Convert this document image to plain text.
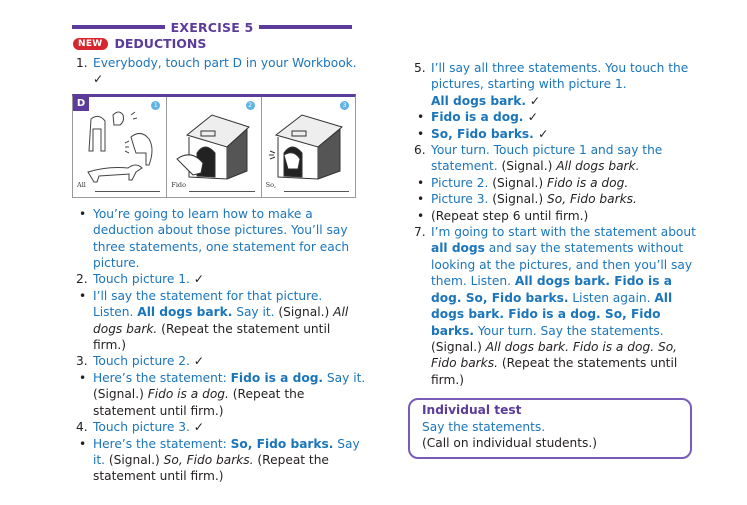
EXERCISE 5
NEW DEDUCTIONS
1. Everybody, touch part D in your Workbook. ✓
D	1
All
2
Fido
3
So,
• You’re going to learn how to make a deduction about those pictures. You’ll say three statements, one statement for each picture.
2. Touch picture 1. ✓
• I’ll say the statement for that picture. Listen. All dogs bark. Say it. (Signal.) All dogs bark. (Repeat the statement until firm.)
3. Touch picture 2. ✓
• Here’s the statement: Fido is a dog. Say it. (Signal.) Fido is a dog. (Repeat the statement until firm.)
4. Touch picture 3. ✓
• Here’s the statement: So, Fido barks. Say it. (Signal.) So, Fido barks. (Repeat the statement until firm.)
5. I’ll say all three statements. You touch the pictures, starting with picture 1.
All dogs bark. ✓
• Fido is a dog. ✓
• So, Fido barks. ✓
6. Your turn. Touch picture 1 and say the statement. (Signal.) All dogs bark.
• Picture 2. (Signal.) Fido is a dog.
• Picture 3. (Signal.) So, Fido barks.
• (Repeat step 6 until firm.)
7. I’m going to start with the statement about all dogs and say the statements without looking at the pictures, and then you’ll say them. Listen. All dogs bark. Fido is a dog. So, Fido barks. Listen again. All dogs bark. Fido is a dog. So, Fido barks. Your turn. Say the statements. (Signal.) All dogs bark. Fido is a dog. So, Fido barks. (Repeat the statements until firm.)
Individual test
Say the statements.
(Call on individual students.)
